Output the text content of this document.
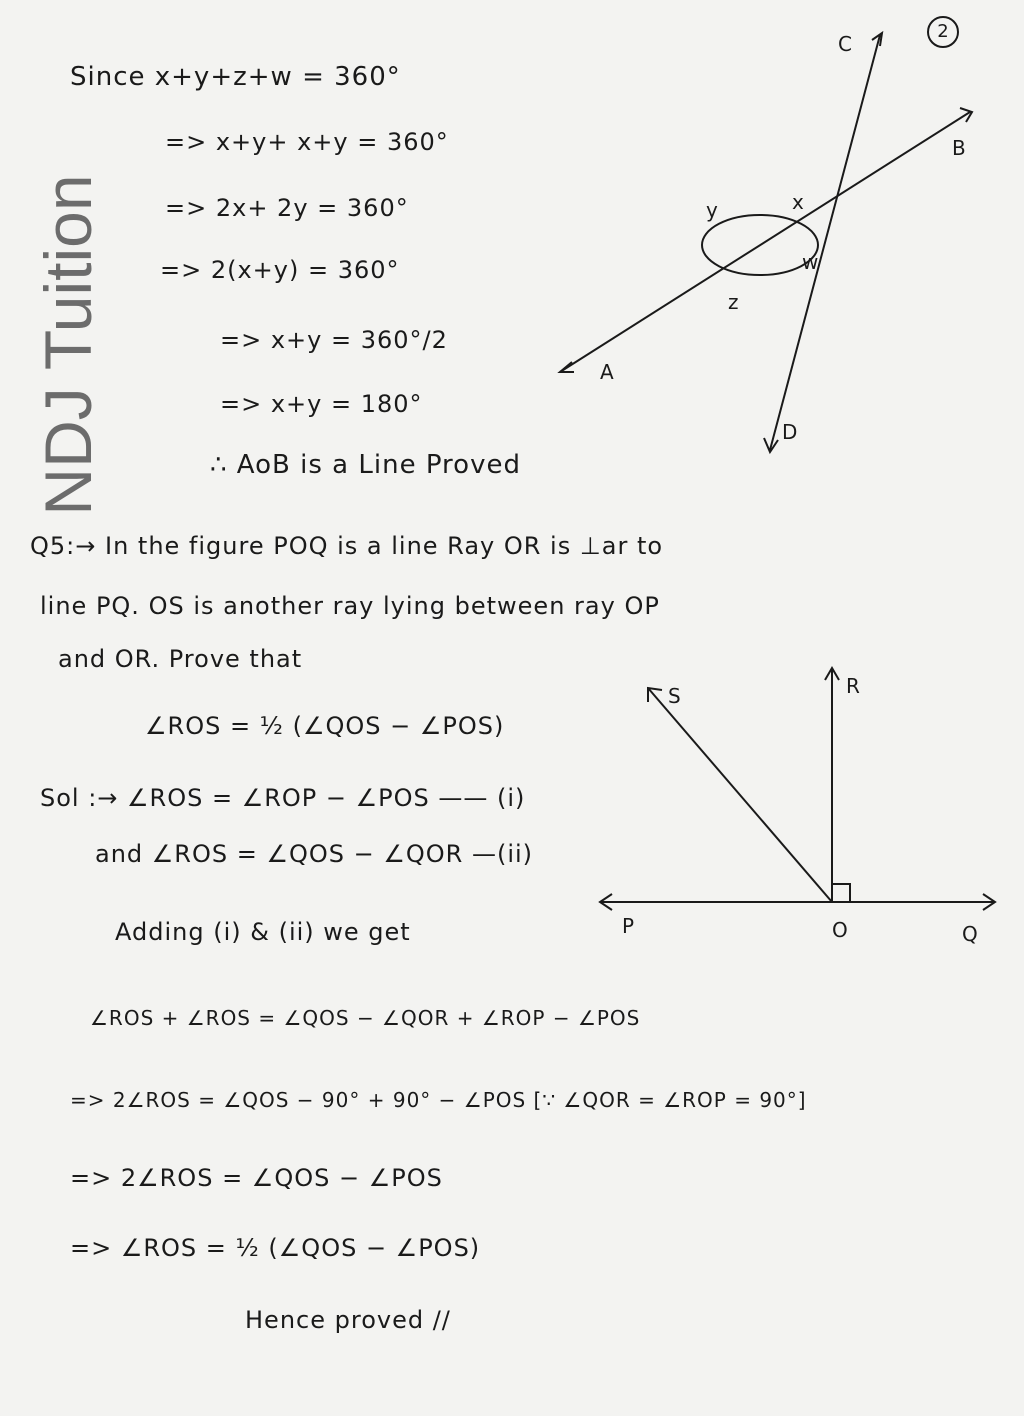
NDJ Tuition
2
Since x+y+z+w = 360°
=> x+y+ x+y = 360°
=> 2x+ 2y = 360°
=> 2(x+y) = 360°
=> x+y = 360°/2
=> x+y = 180°
∴ AoB is a Line Proved
C
B
A
D
x
y
z
w
Q5:→ In the figure POQ is a line Ray OR is ⊥ar to
line PQ. OS is another ray lying between ray OP
and OR. Prove that
∠ROS = ½ (∠QOS − ∠POS)
Sol :→ ∠ROS = ∠ROP − ∠POS —— (i)
and ∠ROS = ∠QOS − ∠QOR —(ii)
Adding (i) & (ii) we get
∠ROS + ∠ROS = ∠QOS − ∠QOR + ∠ROP − ∠POS
=> 2∠ROS = ∠QOS − 90° + 90° − ∠POS [∵ ∠QOR = ∠ROP = 90°]
=> 2∠ROS = ∠QOS − ∠POS
=> ∠ROS = ½ (∠QOS − ∠POS)
Hence proved //
S	R
P	O	Q
